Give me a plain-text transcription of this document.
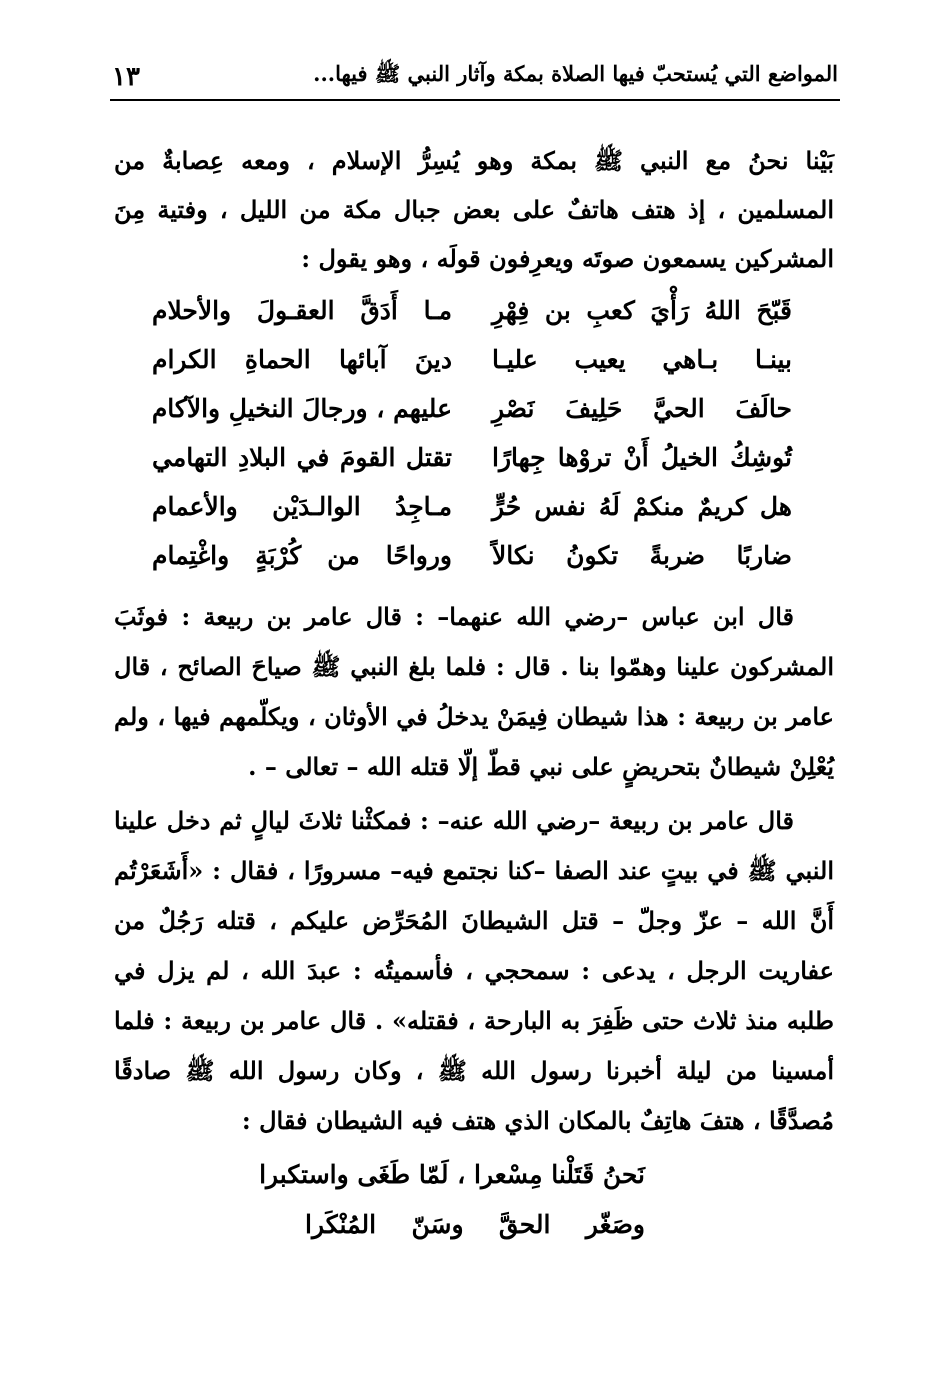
المواضع التي يُستحبّ فيها الصلاة بمكة وآثار النبي ﷺ فيها...
١٣

بَيْنا نحنُ مع النبي ﷺ بمكة وهو يُسِرُّ الإسلام ، ومعه عِصابةٌ من المسلمين ، إذ هتف هاتفٌ على بعض جبال مكة من الليل ، وفتية مِنَ المشركين يسمعون صوتَه ويعرِفون قولَه ، وهو يقول :

قَبّحَ اللهُ رَأْيَ كعبِ بن فِهْرِ
مـا أَدَقَّ العقـولَ والأحلام
بينـا بـاهي يعيب عليـا
دينَ آبائها الحماةِ الكرام
حالَفَ الحيَّ حَلِيفَ نَصْرِ
عليهم ، ورجالَ النخيلِ والآكام
تُوشِكُ الخيلُ أَنْ تروْها جِهارًا
تقتل القومَ في البلادِ التهامي
هل كريمٌ منكمْ لَهُ نفس حُرٍّ
مـاجِدُ الوالـدَيْن والأعمام
ضاربًا ضربةً تكونُ نكالاً
ورواحًا من كُرْبَةٍ واغْتِمام

قال ابن عباس –رضي الله عنهما– : قال عامر بن ربيعة : فوثَبَ المشركون علينا وهمّوا بنا . قال : فلما بلغ النبي ﷺ صياحَ الصائح ، قال عامر بن ربيعة : هذا شيطان فِيمَنْ يدخلُ في الأوثان ، ويكلّمهم فيها ، ولم يُعْلِنْ شيطانٌ بتحريضٍ على نبي قطّ إلّا قتله الله – تعالى – .

قال عامر بن ربيعة –رضي الله عنه– : فمكثْنا ثلاثَ ليالٍ ثم دخل علينا النبي ﷺ في بيتٍ عند الصفا –كنا نجتمع فيه– مسرورًا ، فقال : «أَشَعَرْتُم أَنَّ الله – عزّ وجلّ – قتل الشيطانَ المُحَرِّض عليكم ، قتله رَجُلٌ من عفاريت الرجل ، يدعى : سمحجي ، فأسميتُه : عبدَ الله ، لم يزل في طلبه منذ ثلاث حتى ظَفِرَ به البارحة ، فقتله» . قال عامر بن ربيعة : فلما أمسينا من ليلة أخبرنا رسول الله ﷺ ، وكان رسول الله ﷺ صادقًا مُصدَّقًا ، هتفَ هاتِفٌ بالمكان الذي هتف فيه الشيطان فقال :

نَحنُ قَتَلْنا مِسْعرا ، لَمّا طَغَى واستكبرا
وصَغّر الحقَّ وسَنّ المُنْكَرا
